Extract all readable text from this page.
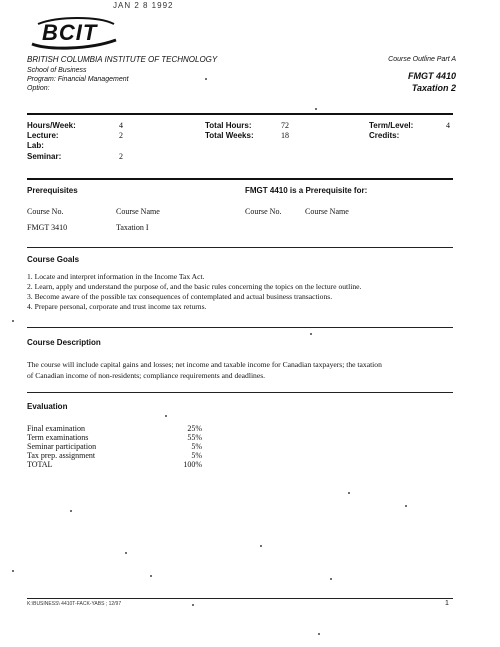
JAN 2 8 1992
BCIT
BRITISH COLUMBIA INSTITUTE OF TECHNOLOGY
School of Business
Program: Financial Management
Option:
Course Outline Part A
FMGT 4410
Taxation 2
Hours/Week:	4
Lecture:	2
Lab:
Seminar:	2
Total Hours:	72
Total Weeks:	18
Term/Level:	4
Credits:
Prerequisites	FMGT 4410 is a Prerequisite for:
Course No.	Course Name	Course No.	Course Name
FMGT 3410	Taxation I
Course Goals
1. Locate and interpret information in the Income Tax Act.
2. Learn, apply and understand the purpose of, and the basic rules concerning the topics on the lecture outline.
3. Become aware of the possible tax consequences of contemplated and actual business transactions.
4. Prepare personal, corporate and trust income tax returns.
Course Description
The course will include capital gains and losses; net income and taxable income for Canadian taxpayers; the taxation
of Canadian income of non-residents; compliance requirements and deadlines.
Evaluation
Final examination	25%
Term examinations	55%
Seminar participation	5%
Tax prep. assignment	5%
TOTAL	100%
K:\BUSINESS\ 4410T-FACK-YABS ; 12/97	1
